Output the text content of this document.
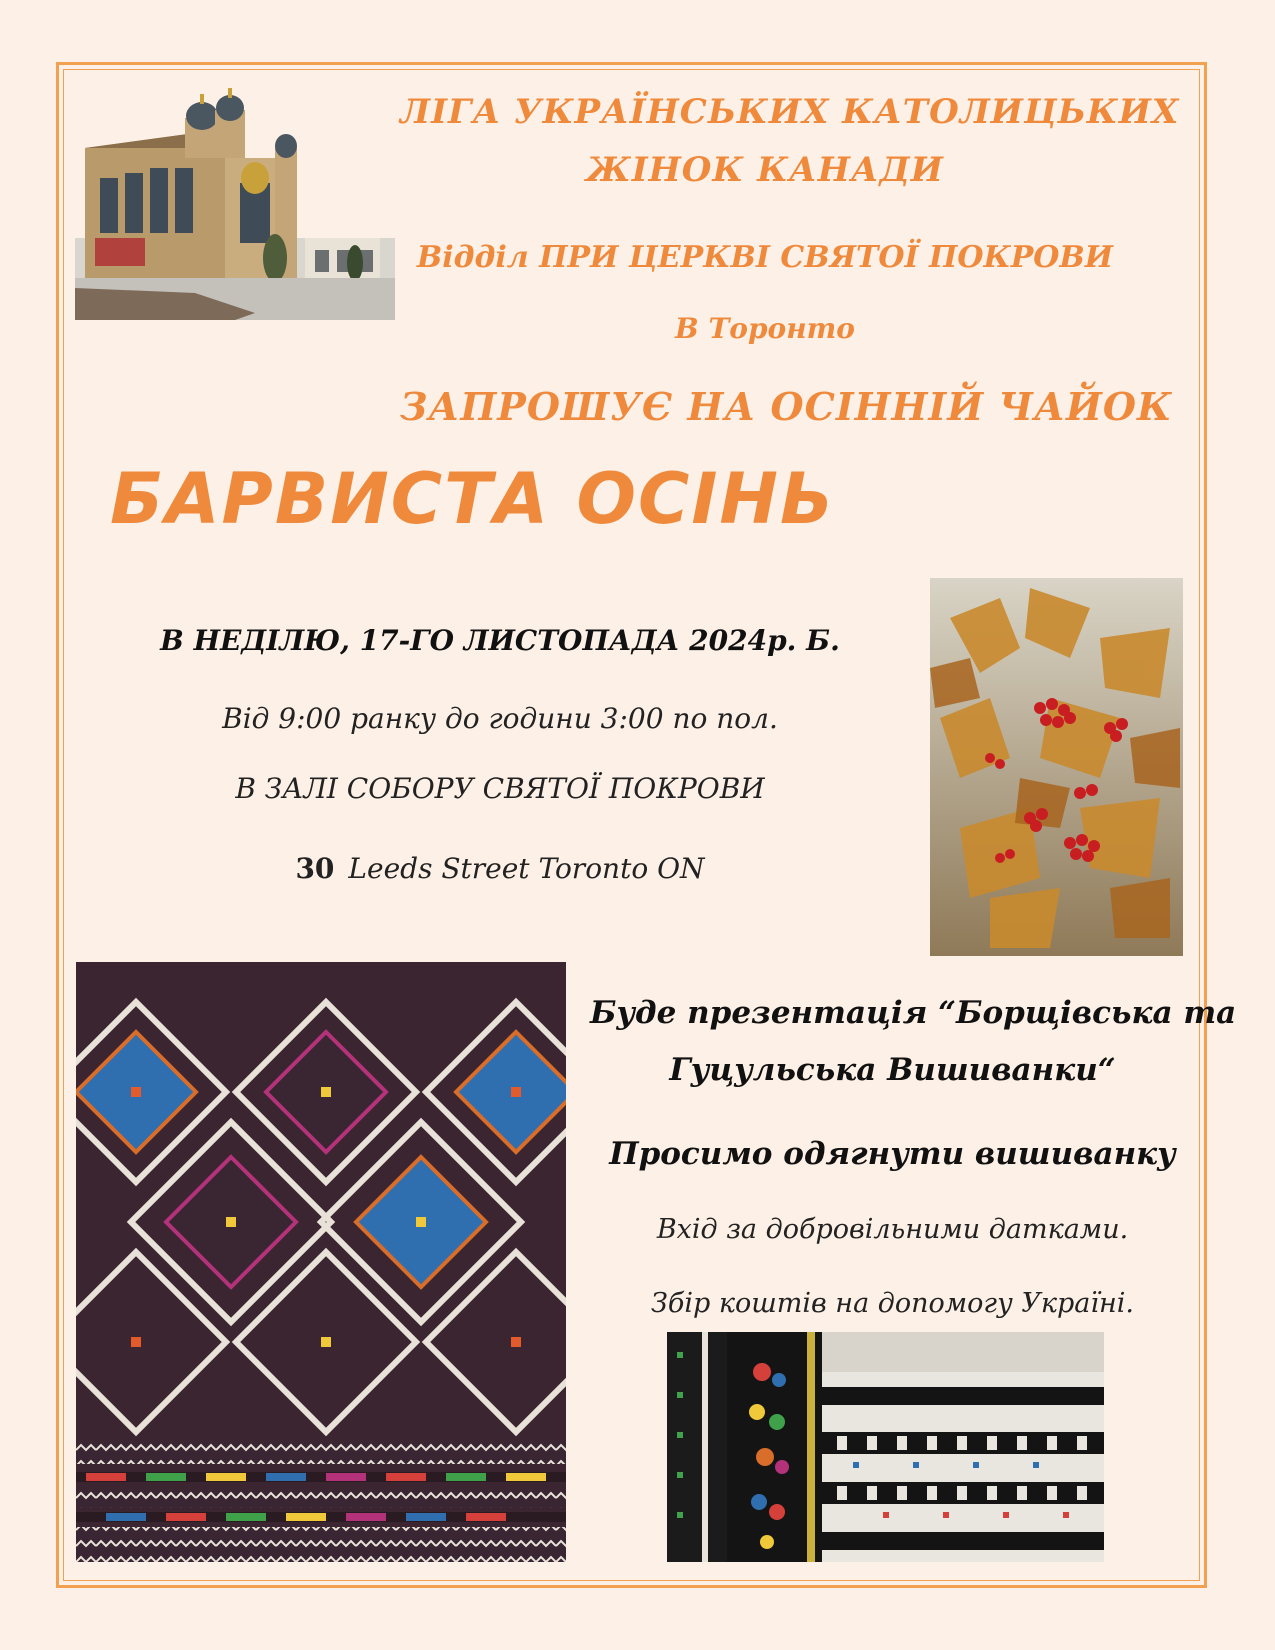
ЛІГА УКРАЇНСЬКИХ КАТОЛИЦЬКИХ
ЖІНОК КАНАДИ
Відділ ПРИ ЦЕРКВІ СВЯТОЇ ПОКРОВИ
В Торонто
ЗАПРОШУЄ НА ОСІННІЙ ЧАЙОК
БАРВИСТА ОСІНЬ
В НЕДІЛЮ, 17-ГО ЛИСТОПАДА 2024р. Б.
Від 9:00 ранку до години 3:00 по пол.
В ЗАЛІ СОБОРУ СВЯТОЇ ПОКРОВИ
30 Leeds Street Toronto ON
Буде презентація “Борщівська та
Гуцульська Вишиванки“
Просимо одягнути вишиванку
Вхід за добровільними датками.
Збір коштів на допомогу Україні.
